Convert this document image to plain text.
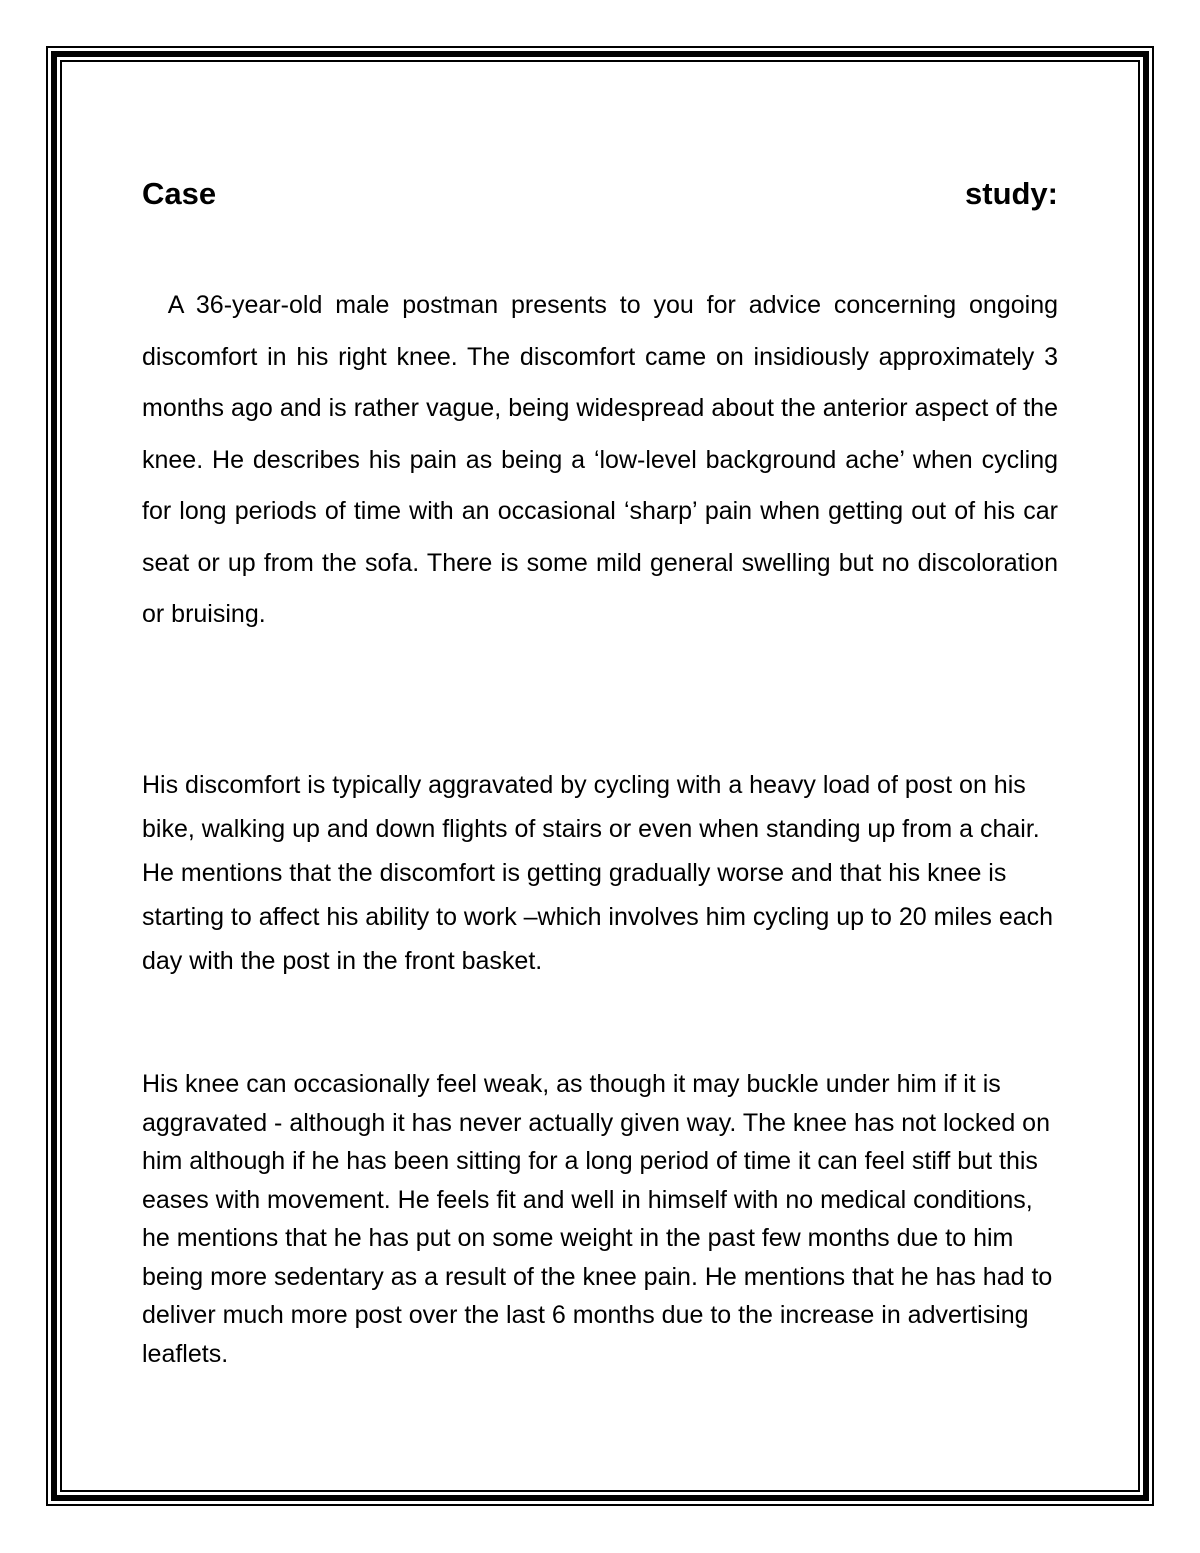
Case	study:

A 36-year-old male postman presents to you for advice concerning ongoing discomfort in his right knee. The discomfort came on insidiously approximately 3 months ago and is rather vague, being widespread about the anterior aspect of the knee. He describes his pain as being a ‘low-level background ache’ when cycling for long periods of time with an occasional ‘sharp’ pain when getting out of his car seat or up from the sofa. There is some mild general swelling but no discoloration or bruising.

His discomfort is typically aggravated by cycling with a heavy load of post on his bike, walking up and down flights of stairs or even when standing up from a chair. He mentions that the discomfort is getting gradually worse and that his knee is starting to affect his ability to work –which involves him cycling up to 20 miles each day with the post in the front basket.

His knee can occasionally feel weak, as though it may buckle under him if it is aggravated - although it has never actually given way. The knee has not locked on him although if he has been sitting for a long period of time it can feel stiff but this eases with movement. He feels fit and well in himself with no medical conditions, he mentions that he has put on some weight in the past few months due to him being more sedentary as a result of the knee pain. He mentions that he has had to deliver much more post over the last 6 months due to the increase in advertising leaflets.
